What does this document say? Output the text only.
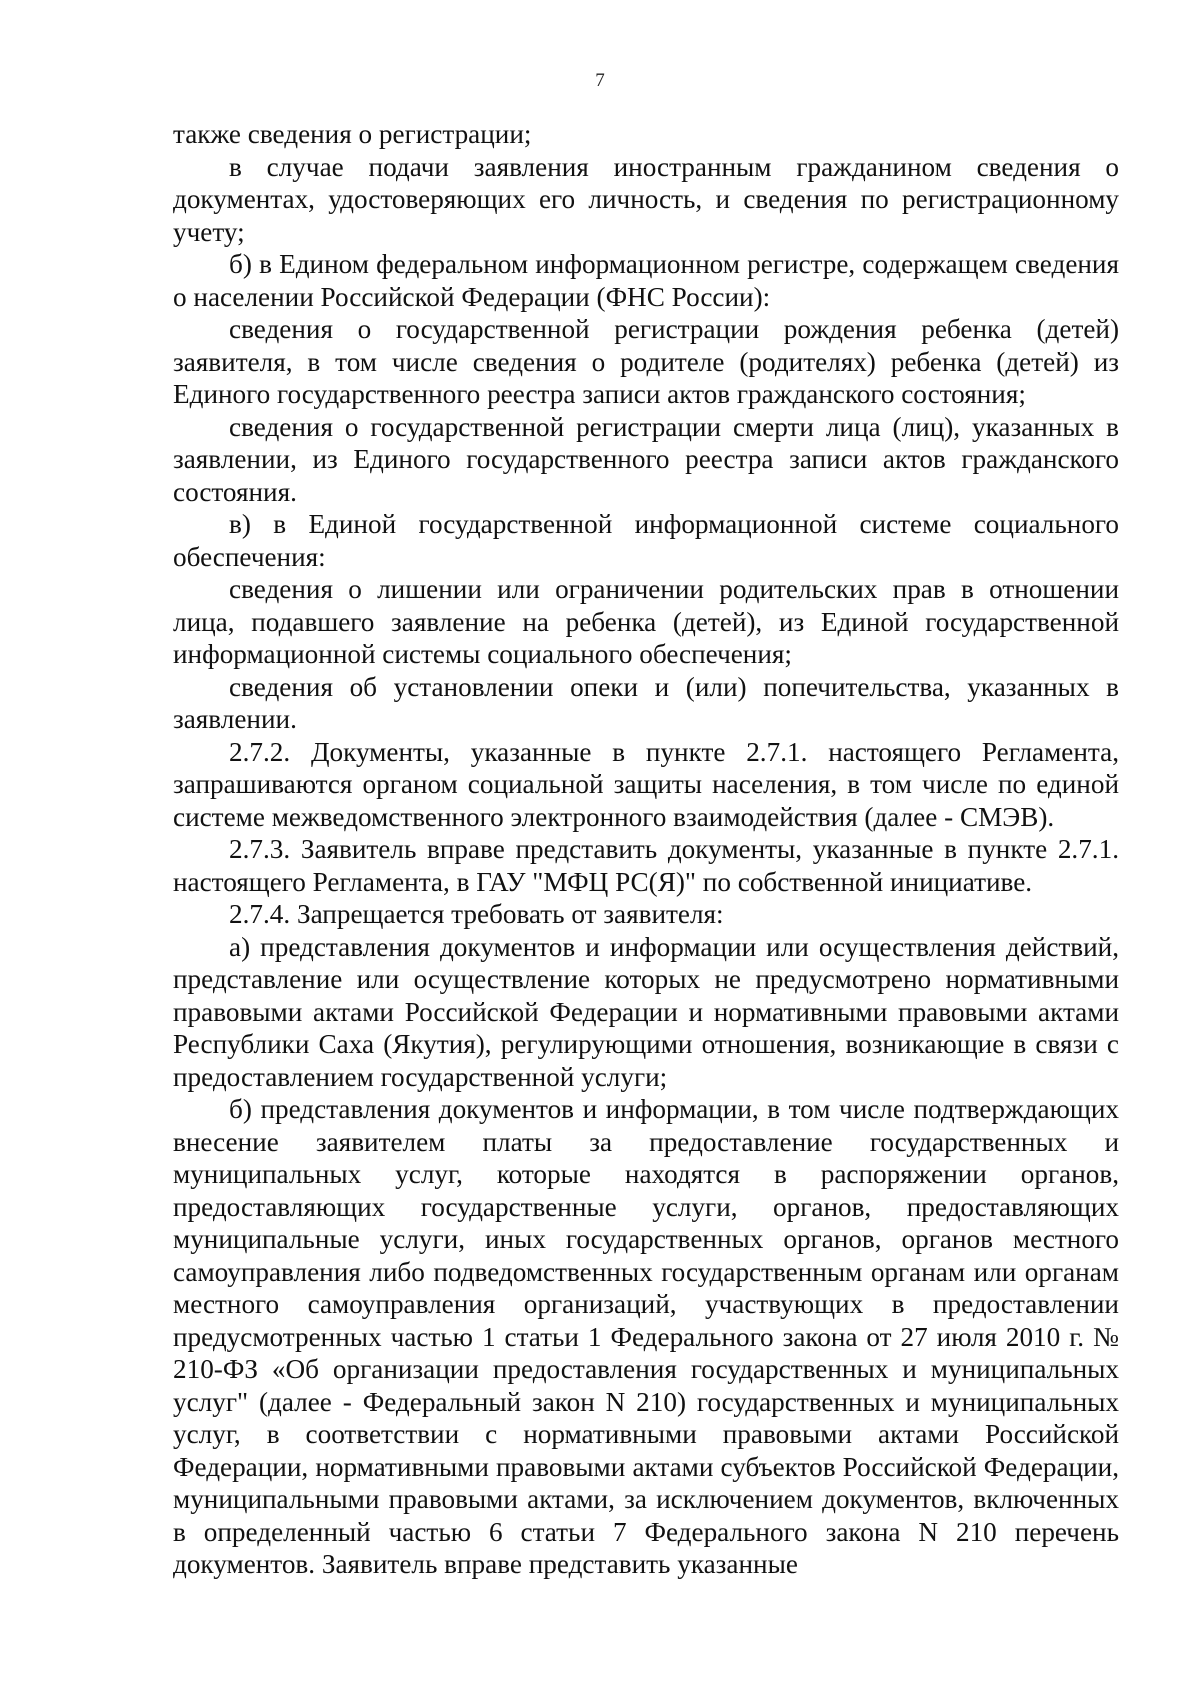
7

также сведения о регистрации;

в случае подачи заявления иностранным гражданином сведения о документах, удостоверяющих его личность, и сведения по регистрационному учету;

б) в Едином федеральном информационном регистре, содержащем сведения о населении Российской Федерации (ФНС России):

сведения о государственной регистрации рождения ребенка (детей) заявителя, в том числе сведения о родителе (родителях) ребенка (детей) из Единого государственного реестра записи актов гражданского состояния;

сведения о государственной регистрации смерти лица (лиц), указанных в заявлении, из Единого государственного реестра записи актов гражданского состояния.

в) в Единой государственной информационной системе социального обеспечения:

сведения о лишении или ограничении родительских прав в отношении лица, подавшего заявление на ребенка (детей), из Единой государственной информационной системы социального обеспечения;

сведения об установлении опеки и (или) попечительства, указанных в заявлении.

2.7.2. Документы, указанные в пункте 2.7.1. настоящего Регламента, запрашиваются органом социальной защиты населения, в том числе по единой системе межведомственного электронного взаимодействия (далее - СМЭВ).

2.7.3. Заявитель вправе представить документы, указанные в пункте 2.7.1. настоящего Регламента, в ГАУ "МФЦ РС(Я)" по собственной инициативе.

2.7.4. Запрещается требовать от заявителя:

а) представления документов и информации или осуществления действий, представление или осуществление которых не предусмотрено нормативными правовыми актами Российской Федерации и нормативными правовыми актами Республики Саха (Якутия), регулирующими отношения, возникающие в связи с предоставлением государственной услуги;

б) представления документов и информации, в том числе подтверждающих внесение заявителем платы за предоставление государственных и муниципальных услуг, которые находятся в распоряжении органов, предоставляющих государственные услуги, органов, предоставляющих муниципальные услуги, иных государственных органов, органов местного самоуправления либо подведомственных государственным органам или органам местного самоуправления организаций, участвующих в предоставлении предусмотренных частью 1 статьи 1 Федерального закона от 27 июля 2010 г. № 210-ФЗ «Об организации предоставления государственных и муниципальных услуг" (далее - Федеральный закон N 210) государственных и муниципальных услуг, в соответствии с нормативными правовыми актами Российской Федерации, нормативными правовыми актами субъектов Российской Федерации, муниципальными правовыми актами, за исключением документов, включенных в определенный частью 6 статьи 7 Федерального закона N 210 перечень документов. Заявитель вправе представить указанные
